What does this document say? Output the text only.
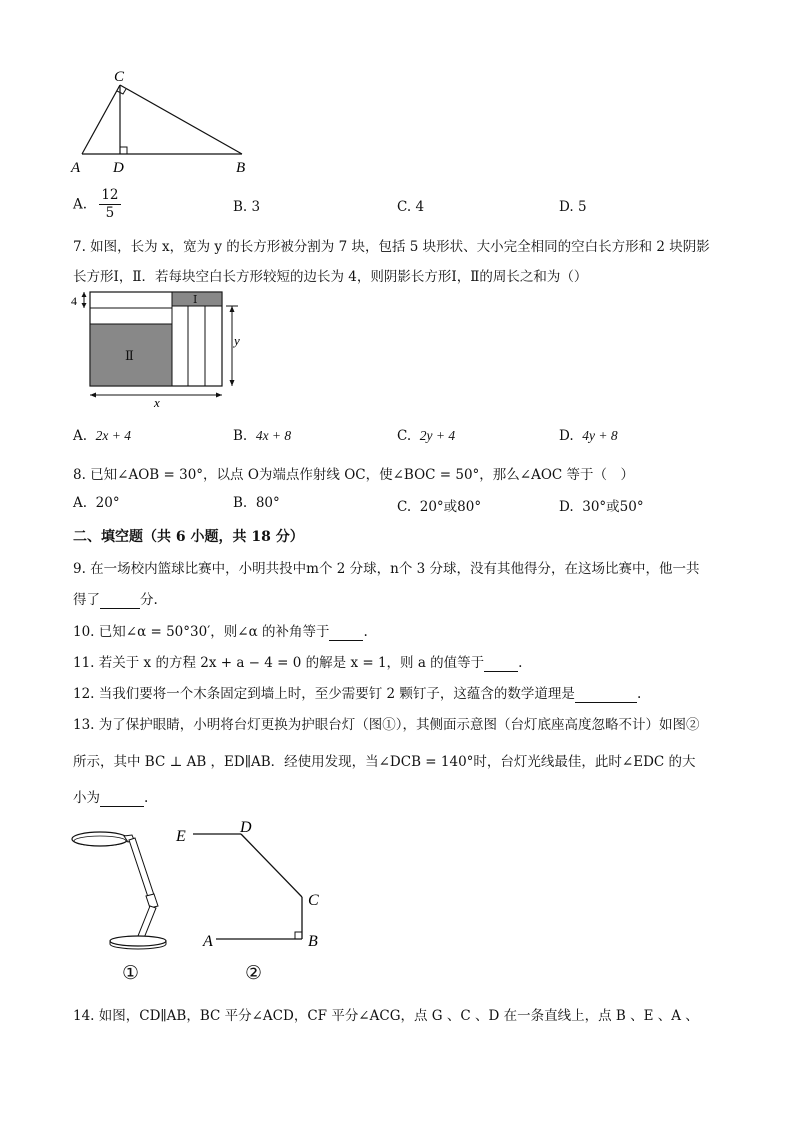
C
A D	B
A. $\frac{12}{5}$	B. 3	C. 4	D. 5
7. 如图，长为 x，宽为 y 的长方形被分割为 7 块，包括 5 块形状、大小完全相同的空白长方形和 2 块阴影
长方形Ⅰ，Ⅱ．若每块空白长方形较短的边长为 4，则阴影长方形Ⅰ，Ⅱ的周长之和为（）
Ⅰ
Ⅱ
4
y
x
A. 2x + 4	B. 4x + 8	C. 2y + 4	D. 4y + 8
8. 已知∠AOB = 30°，以点 O为端点作射线 OC，使∠BOC = 50°，那么∠AOC 等于（　）
A. 20°	B. 80°	C. 20°或80°	D. 30°或50°
二、填空题（共 6 小题，共 18 分）
9. 在一场校内篮球比赛中，小明共投中m个 2 分球，n个 3 分球，没有其他得分，在这场比赛中，他一共
得了	分.
10. 已知∠α = 50°30′，则∠α 的补角等于	.
11. 若关于 x 的方程 2x + a − 4 = 0 的解是 x = 1，则 a 的值等于	.
12. 当我们要将一个木条固定到墙上时，至少需要钉 2 颗钉子，这蕴含的数学道理是	.
13. 为了保护眼睛，小明将台灯更换为护眼台灯（图①），其侧面示意图（台灯底座高度忽略不计）如图②
所示，其中 BC ⊥ AB ，ED∥AB．经使用发现，当∠DCB = 140°时，台灯光线最佳，此时∠EDC 的大
小为	.
E
D
C
A	B
①	②
14. 如图，CD∥AB，BC 平分∠ACD，CF 平分∠ACG，点 G 、C 、D 在一条直线上，点 B 、E 、A 、
